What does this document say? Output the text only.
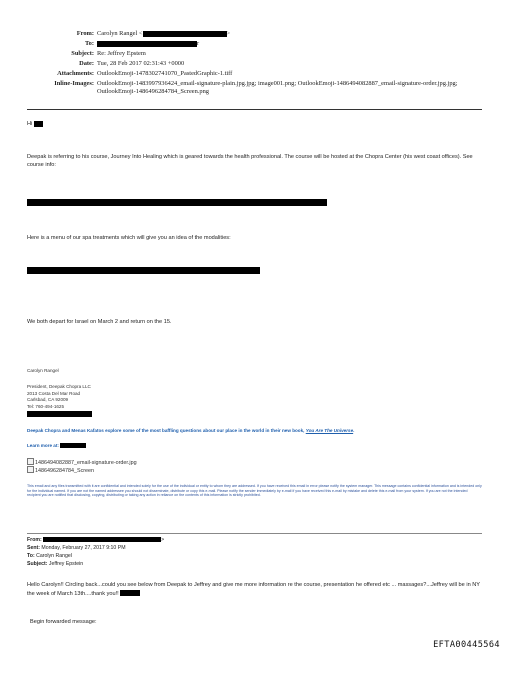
From: Carolyn Rangel <	>
To:	r
Subject: Re: Jeffrey Epstem
Date: Tue, 28 Feb 2017 02:31:43 +0000
Attachments: OutlookEmoji-1478302741070_PastedGraphic-1.tiff
Inline-Images: OutlookEmoji-1483997936424_email-signature-plain.jpg.jpg; image001.png; OutlookEmoji-1486494082887_email-signature-order.jpg.jpg; OutlookEmoji-1486496284784_Screen.png
Hi
Deepak is referring to his course, Journey Into Healing which is geared towards the health professional. The course will be hosted at the Chopra Center (his west coast offices). See course info:
Here is a menu of our spa treatments which will give you an idea of the modalities:
We both depart for Israel on March 2 and return on the 15.
Carolyn Rangel
President, Deepak Chopra LLC
2013 Costa Del Mar Road
Carlsbad, CA 92009
Tel: 760-494-1625
Deepak Chopra and Menas Kafatos explore some of the most baffling questions about our place in the world in their new book, You Are The Universe.
Learn more at:
1486494082887_email-signature-order.jpg
1486496284784_Screen
This email and any files transmitted with it are confidential and intended solely for the use of the individual or entity to whom they are addressed. If you have received this email in error please notify the system manager. This message contains confidential information and is intended only for the individual named. If you are not the named addressee you should not disseminate, distribute or copy this e-mail. Please notify the sender immediately by e-mail if you have received this e-mail by mistake and delete this e-mail from your system. If you are not the intended recipient you are notified that disclosing, copying, distributing or taking any action in reliance on the contents of this information is strictly prohibited.
From:	>
Sent: Monday, February 27, 2017 9:10 PM
To: Carolyn Rangel
Subject: Jeffrey Epstein
Hello Carolyn!! Circling back...could you see below from Deepak to Jeffrey and give me more information re the course, presentation he offered etc ... massages?...Jeffrey will be in NY the week of March 13th....thank you!!
Begin forwarded message:
EFTA00445564
